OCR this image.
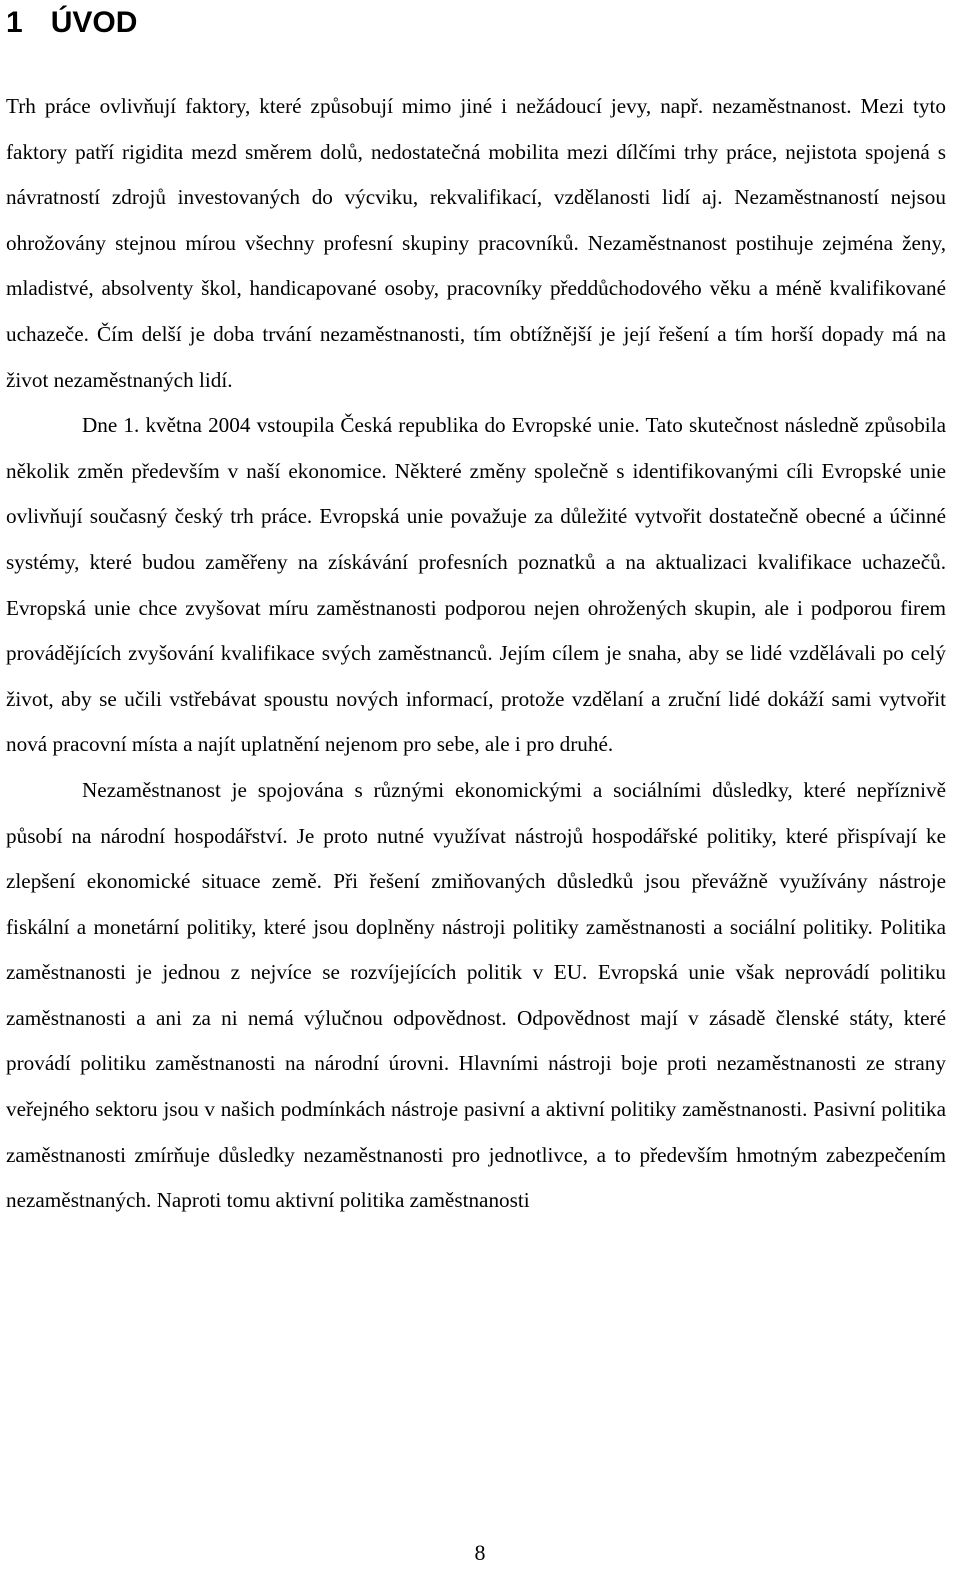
1 ÚVOD

Trh práce ovlivňují faktory, které způsobují mimo jiné i nežádoucí jevy, např. nezaměstnanost. Mezi tyto faktory patří rigidita mezd směrem dolů, nedostatečná mobilita mezi dílčími trhy práce, nejistota spojená s návratností zdrojů investovaných do výcviku, rekvalifikací, vzdělanosti lidí aj. Nezaměstnaností nejsou ohrožovány stejnou mírou všechny profesní skupiny pracovníků. Nezaměstnanost postihuje zejména ženy, mladistvé, absolventy škol, handicapované osoby, pracovníky předdůchodového věku a méně kvalifikované uchazeče. Čím delší je doba trvání nezaměstnanosti, tím obtížnější je její řešení a tím horší dopady má na život nezaměstnaných lidí.

Dne 1. května 2004 vstoupila Česká republika do Evropské unie. Tato skutečnost následně způsobila několik změn především v naší ekonomice. Některé změny společně s identifikovanými cíli Evropské unie ovlivňují současný český trh práce. Evropská unie považuje za důležité vytvořit dostatečně obecné a účinné systémy, které budou zaměřeny na získávání profesních poznatků a na aktualizaci kvalifikace uchazečů. Evropská unie chce zvyšovat míru zaměstnanosti podporou nejen ohrožených skupin, ale i podporou firem provádějících zvyšování kvalifikace svých zaměstnanců. Jejím cílem je snaha, aby se lidé vzdělávali po celý život, aby se učili vstřebávat spoustu nových informací, protože vzdělaní a zruční lidé dokáží sami vytvořit nová pracovní místa a najít uplatnění nejenom pro sebe, ale i pro druhé.

Nezaměstnanost je spojována s různými ekonomickými a sociálními důsledky, které nepříznivě působí na národní hospodářství. Je proto nutné využívat nástrojů hospodářské politiky, které přispívají ke zlepšení ekonomické situace země. Při řešení zmiňovaných důsledků jsou převážně využívány nástroje fiskální a monetární politiky, které jsou doplněny nástroji politiky zaměstnanosti a sociální politiky. Politika zaměstnanosti je jednou z nejvíce se rozvíjejících politik v EU. Evropská unie však neprovádí politiku zaměstnanosti a ani za ni nemá výlučnou odpovědnost. Odpovědnost mají v zásadě členské státy, které provádí politiku zaměstnanosti na národní úrovni. Hlavními nástroji boje proti nezaměstnanosti ze strany veřejného sektoru jsou v našich podmínkách nástroje pasivní a aktivní politiky zaměstnanosti. Pasivní politika zaměstnanosti zmírňuje důsledky nezaměstnanosti pro jednotlivce, a to především hmotným zabezpečením nezaměstnaných. Naproti tomu aktivní politika zaměstnanosti

8
